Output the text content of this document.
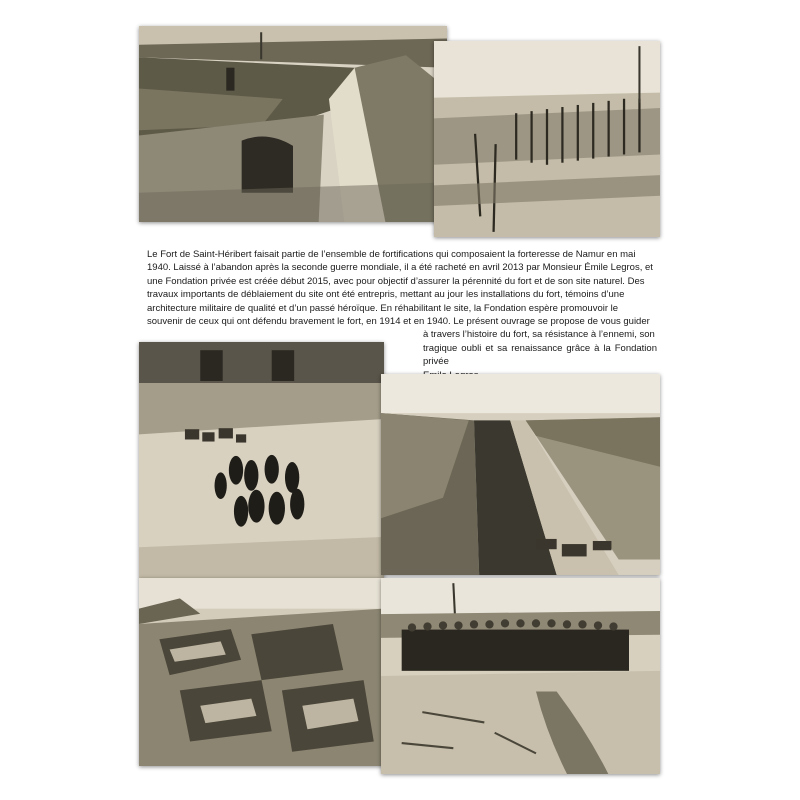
Le Fort de Saint-Héribert faisait partie de l’ensemble de fortifications qui composaient la forteresse de Namur en mai
1940. Laissé à l’abandon après la seconde guerre mondiale, il a été racheté en avril 2013 par Monsieur Émile Legros, et
une Fondation privée est créée début 2015, avec pour objectif d’assurer la pérennité du fort et de son site naturel. Des
travaux importants de déblaiement du site ont été entrepris, mettant au jour les installations du fort, témoins d’une
architecture militaire de qualité et d’un passé héroïque. En réhabilitant le site, la Fondation espère promouvoir le
souvenir de ceux qui ont défendu bravement le fort, en 1914 et en 1940. Le présent ouvrage se propose de vous guider
à travers l’histoire du fort, sa résistance à l’ennemi, son
tragique oubli et sa renaissance grâce à la Fondation privée
